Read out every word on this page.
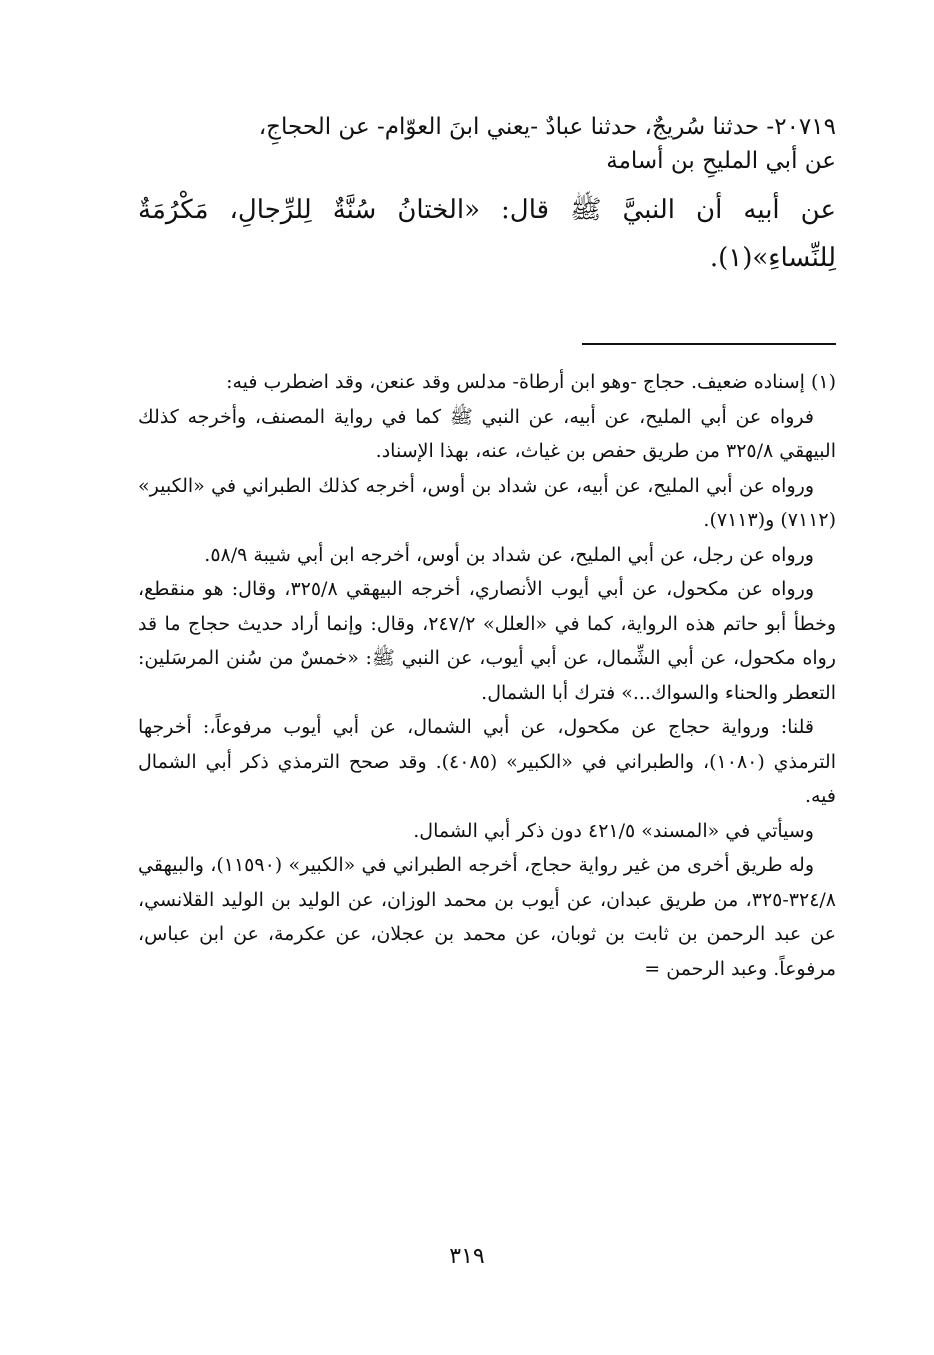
٢٠٧١٩- حدثنا سُريجٌ، حدثنا عبادٌ -يعني ابنَ العوّام- عن الحجاجِ،

عن أبي المليحِ بن أسامة

عن أبيه أن النبيَّ ﷺ قال: «الختانُ سُنَّةٌ لِلرِّجالِ، مَكْرُمَةٌ لِلنِّساءِ»(١).

(١) إسناده ضعيف. حجاج -وهو ابن أرطاة- مدلس وقد عنعن، وقد اضطرب فيه:

فرواه عن أبي المليح، عن أبيه، عن النبي ﷺ كما في رواية المصنف، وأخرجه كذلك البيهقي ٣٢٥/٨ من طريق حفص بن غياث، عنه، بهذا الإسناد.

ورواه عن أبي المليح، عن أبيه، عن شداد بن أوس، أخرجه كذلك الطبراني في «الكبير» (٧١١٢) و(٧١١٣).

ورواه عن رجل، عن أبي المليح، عن شداد بن أوس، أخرجه ابن أبي شيبة ٥٨/٩.

ورواه عن مكحول، عن أبي أيوب الأنصاري، أخرجه البيهقي ٣٢٥/٨، وقال: هو منقطع، وخطأ أبو حاتم هذه الرواية، كما في «العلل» ٢٤٧/٢، وقال: وإنما أراد حديث حجاج ما قد رواه مكحول، عن أبي الشِّمال، عن أبي أيوب، عن النبي ﷺ: «خمسٌ من سُنن المرسَلين: التعطر والحناء والسواك...» فترك أبا الشمال.

قلنا: ورواية حجاج عن مكحول، عن أبي الشمال، عن أبي أيوب مرفوعاً،: أخرجها الترمذي (١٠٨٠)، والطبراني في «الكبير» (٤٠٨٥). وقد صحح الترمذي ذكر أبي الشمال فيه.

وسيأتي في «المسند» ٤٢١/٥ دون ذكر أبي الشمال.

وله طريق أخرى من غير رواية حجاج، أخرجه الطبراني في «الكبير» (١١٥٩٠)، والبيهقي ٣٢٤/٨-٣٢٥، من طريق عبدان، عن أيوب بن محمد الوزان، عن الوليد بن الوليد القلانسي، عن عبد الرحمن بن ثابت بن ثوبان، عن محمد بن عجلان، عن عكرمة، عن ابن عباس، مرفوعاً. وعبد الرحمن =

٣١٩
